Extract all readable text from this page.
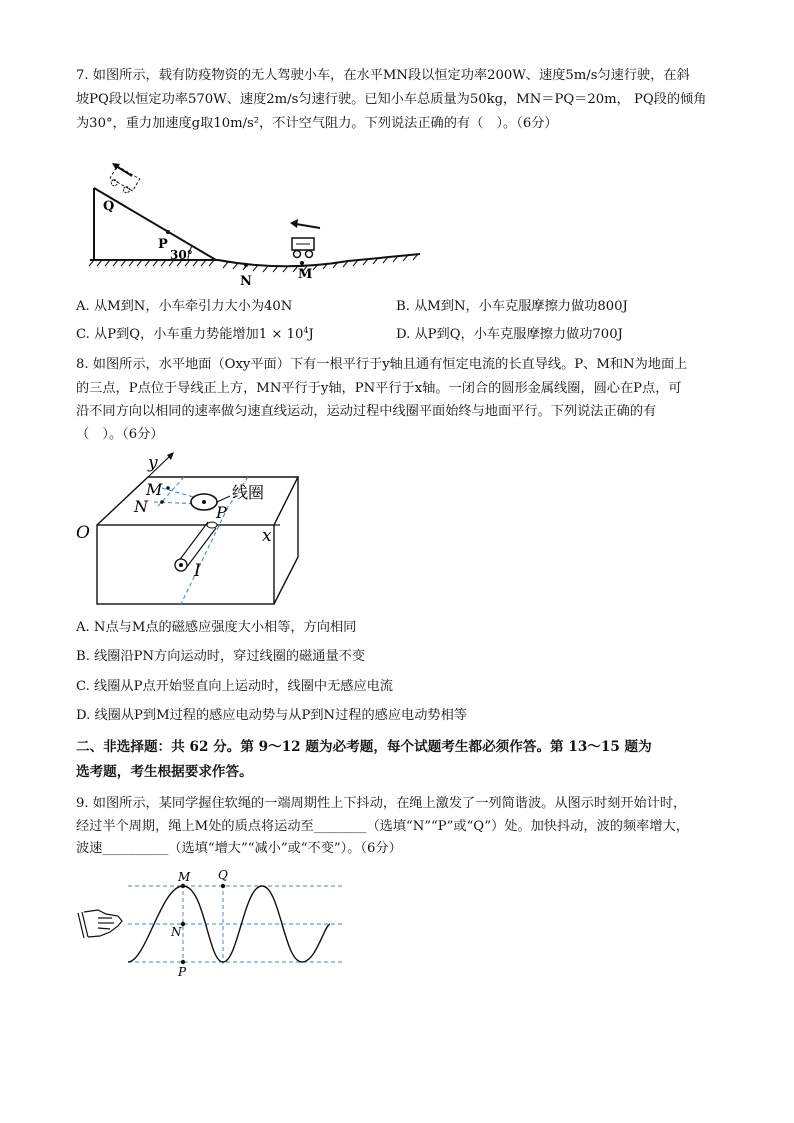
7. 如图所示，载有防疫物资的无人驾驶小车，在水平MN段以恒定功率200W、速度5m/s匀速行驶，在斜
坡PQ段以恒定功率570W、速度2m/s匀速行驶。已知小车总质量为50kg，MN＝PQ＝20m， PQ段的倾角
为30°，重力加速度g取10m/s²，不计空气阻力。下列说法正确的有（　）。（6分）
Q
P
30°
N	M
A. 从M到N，小车牵引力大小为40N	B. 从M到N，小车克服摩擦力做功800J
C. 从P到Q，小车重力势能增加$1 \times 10^4J$	D. 从P到Q，小车克服摩擦力做功700J
8. 如图所示，水平地面（Oxy平面）下有一根平行于y轴且通有恒定电流的长直导线。P、M和N为地面上
的三点，P点位于导线正上方，MN平行于y轴，PN平行于x轴。一闭合的圆形金属线圈，圆心在P点，可
沿不同方向以相同的速率做匀速直线运动，运动过程中线圈平面始终与地面平行。下列说法正确的有
（　）。（6分）
y
M
N
线圈
P
O	x
I
A. N点与M点的磁感应强度大小相等，方向相同
B. 线圈沿PN方向运动时，穿过线圈的磁通量不变
C. 线圈从P点开始竖直向上运动时，线圈中无感应电流
D. 线圈从P到M过程的感应电动势与从P到N过程的感应电动势相等
二、非选择题：共 62 分。第 9～12 题为必考题，每个试题考生都必须作答。第 13～15 题为
选考题，考生根据要求作答。
9. 如图所示，某同学握住软绳的一端周期性上下抖动，在绳上激发了一列简谐波。从图示时刻开始计时，
经过半个周期，绳上M处的质点将运动至________（选填“N”“P”或“Q”）处。加快抖动，波的频率增大，
波速__________（选填“增大”“减小”或“不变”）。（6分）
M Q
N
P
